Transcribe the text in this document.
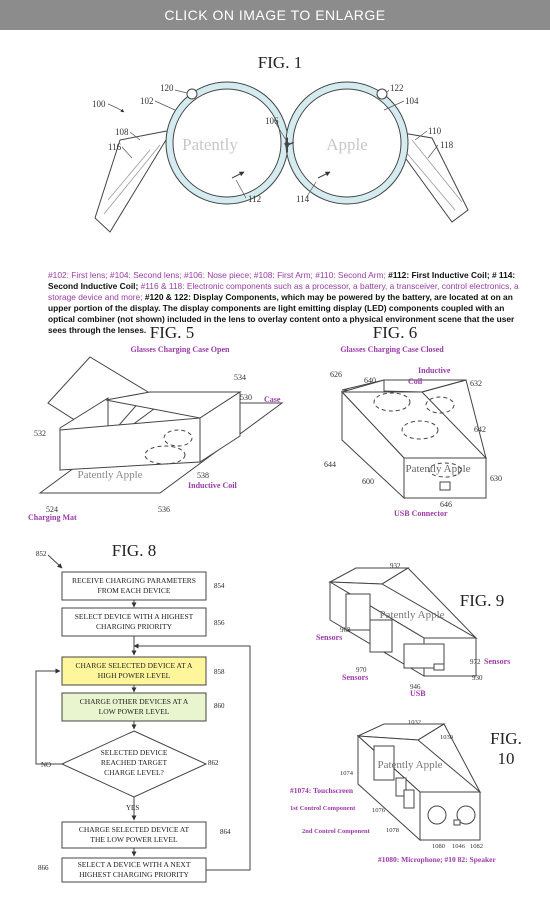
CLICK ON IMAGE TO ENLARGE
FIG. 1
Patently	Apple
100	102	104
106
108	110
112	114
116	118
120	122
FIG. 5
Glasses Charging Case Open
Patently Apple
Case
Inductive Coil
Charging Mat
524
530
532
534
536
538
FIG. 6
Glasses Charging Case Closed
Patently Apple
Inductive
Coil
USB Connector
600
626
630
632
640
642
644
646
FIG. 8
852
RECEIVE CHARGING PARAMETERS
FROM EACH DEVICE	854
SELECT DEVICE WITH A HIGHEST
CHARGING PRIORITY	856
CHARGE SELECTED DEVICE AT A
HIGH POWER LEVEL	858
CHARGE OTHER DEVICES AT A
LOW POWER LEVEL
860
SELECTED DEVICE
REACHED TARGET
CHARGE LEVEL?
862
NO
YES
CHARGE SELECTED DEVICE AT
THE LOW POWER LEVEL
864
SELECT A DEVICE WITH A NEXT
HIGHEST CHARGING PRIORITY
866
FIG. 9
Patently Apple
Sensors
Sensors
Sensors
USB
930
932
946
968
970
972
FIG.
10
Patently Apple
#1074: Touchscreen
1st Control Component
2nd Control Component
#1080: Microphone; #10 82: Speaker
1030
1032
1046
1074
1076
1078
1080	1082
#102: First lens; #104: Second lens; #106: Nose piece; #108: First Arm; #110: Second Arm; #112: First Inductive Coil; # 114: Second Inductive Coil; #116 & 118: Electronic components such as a processor, a battery, a transceiver, control electronics, a storage device and more; #120 & 122: Display Components, which may be powered by the battery, are located at on an upper portion of the display. The display components are light emitting display (LED) components coupled with an optical combiner (not shown) included in the lens to overlay content onto a physical environment scene that the user sees through the lenses.
